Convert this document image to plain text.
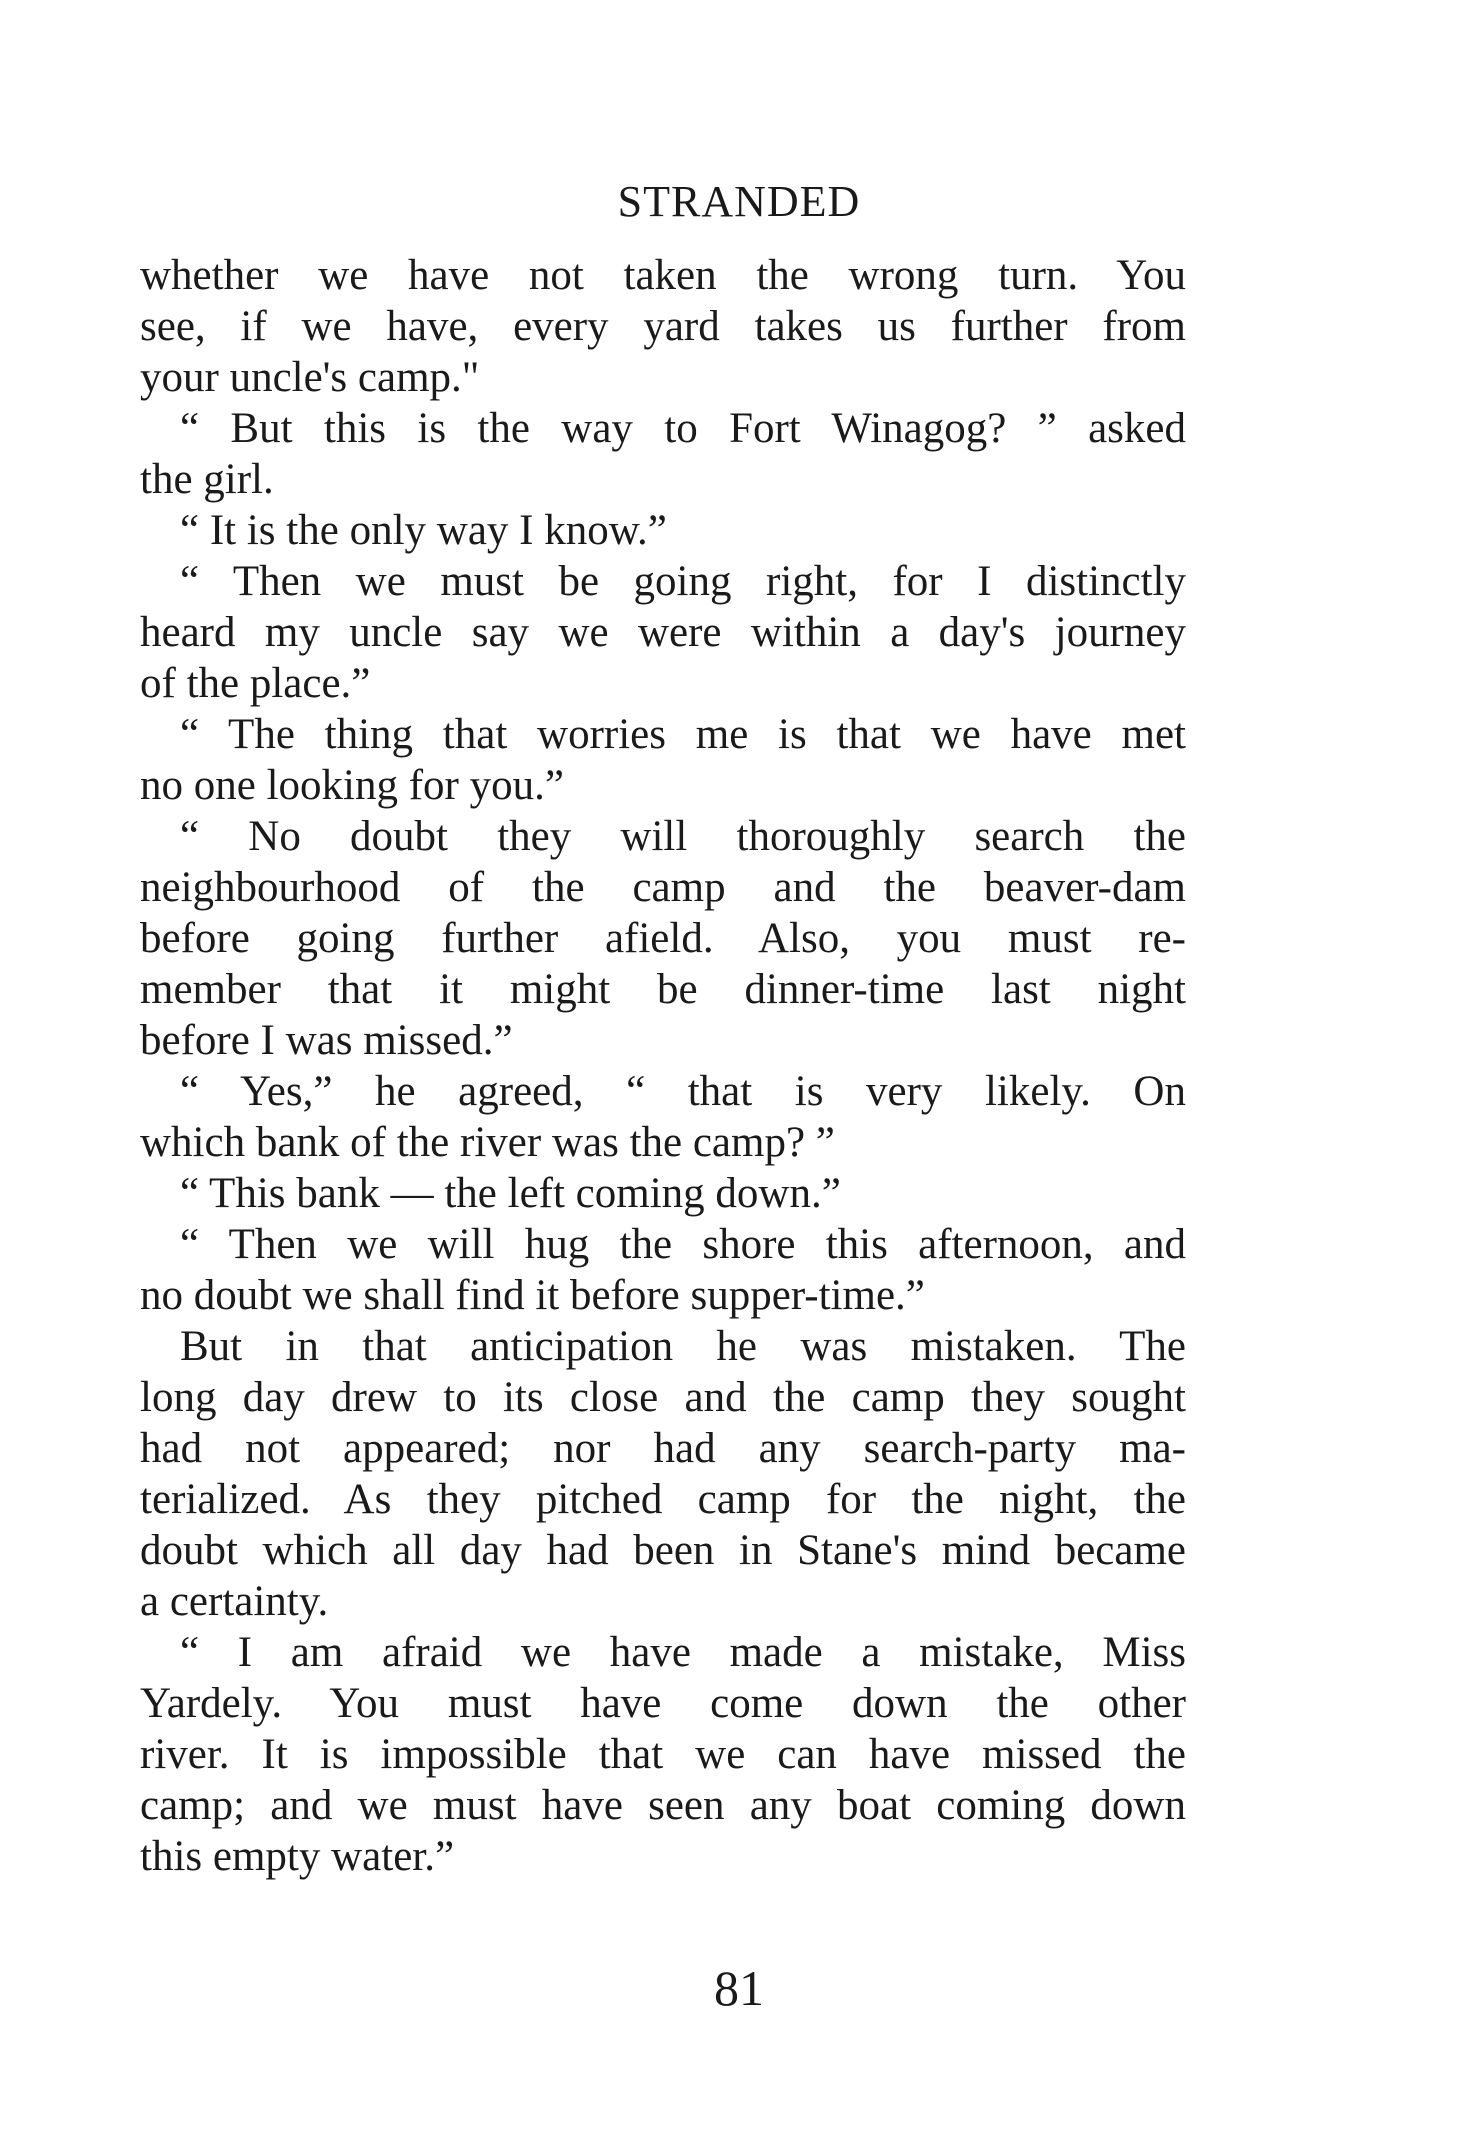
STRANDED
whether we have not taken the wrong turn. You
see, if we have, every yard takes us further from
your uncle's camp."
“ But this is the way to Fort Winagog? ” asked
the girl.
“ It is the only way I know.”
“ Then we must be going right, for I distinctly
heard my uncle say we were within a day's journey
of the place.”
“ The thing that worries me is that we have met
no one looking for you.”
“ No doubt they will thoroughly search the
neighbourhood of the camp and the beaver-dam
before going further afield. Also, you must re-
member that it might be dinner-time last night
before I was missed.”
“ Yes,” he agreed, “ that is very likely. On
which bank of the river was the camp? ”
“ This bank — the left coming down.”
“ Then we will hug the shore this afternoon, and
no doubt we shall find it before supper-time.”
But in that anticipation he was mistaken. The
long day drew to its close and the camp they sought
had not appeared; nor had any search-party ma-
terialized. As they pitched camp for the night, the
doubt which all day had been in Stane's mind became
a certainty.
“ I am afraid we have made a mistake, Miss
Yardely. You must have come down the other
river. It is impossible that we can have missed the
camp; and we must have seen any boat coming down
this empty water.”
81
